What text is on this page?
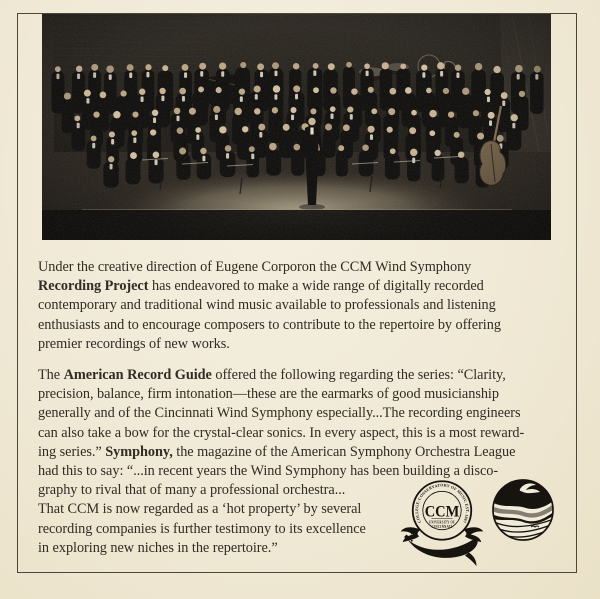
Under the creative direction of Eugene Corporon the CCM Wind Symphony
Recording Project has endeavored to make a wide range of digitally recorded
contemporary and traditional wind music available to professionals and listening
enthusiasts and to encourage composers to contribute to the repertoire by offering
premier recordings of new works.
The American Record Guide offered the following regarding the series: “Clarity,
precision, balance, firm intonation—these are the earmarks of good musicianship
generally and of the Cincinnati Wind Symphony especially...The recording engineers
can also take a bow for the crystal-clear sonics. In every aspect, this is a most reward-
ing series.” Symphony, the magazine of the American Symphony Orchestra League
had this to say: “...in recent years the Wind Symphony has been building a disco-
graphy to rival that of many a professional orchestra...
That CCM is now regarded as a ‘hot property’ by several
recording companies is further testimony to its excellence
in exploring new niches in the repertoire.”
COLLEGE-CONSERVATORY OF MUSIC EST. 1867
CCM
UNIVERSITY OF
CINCINNATI
